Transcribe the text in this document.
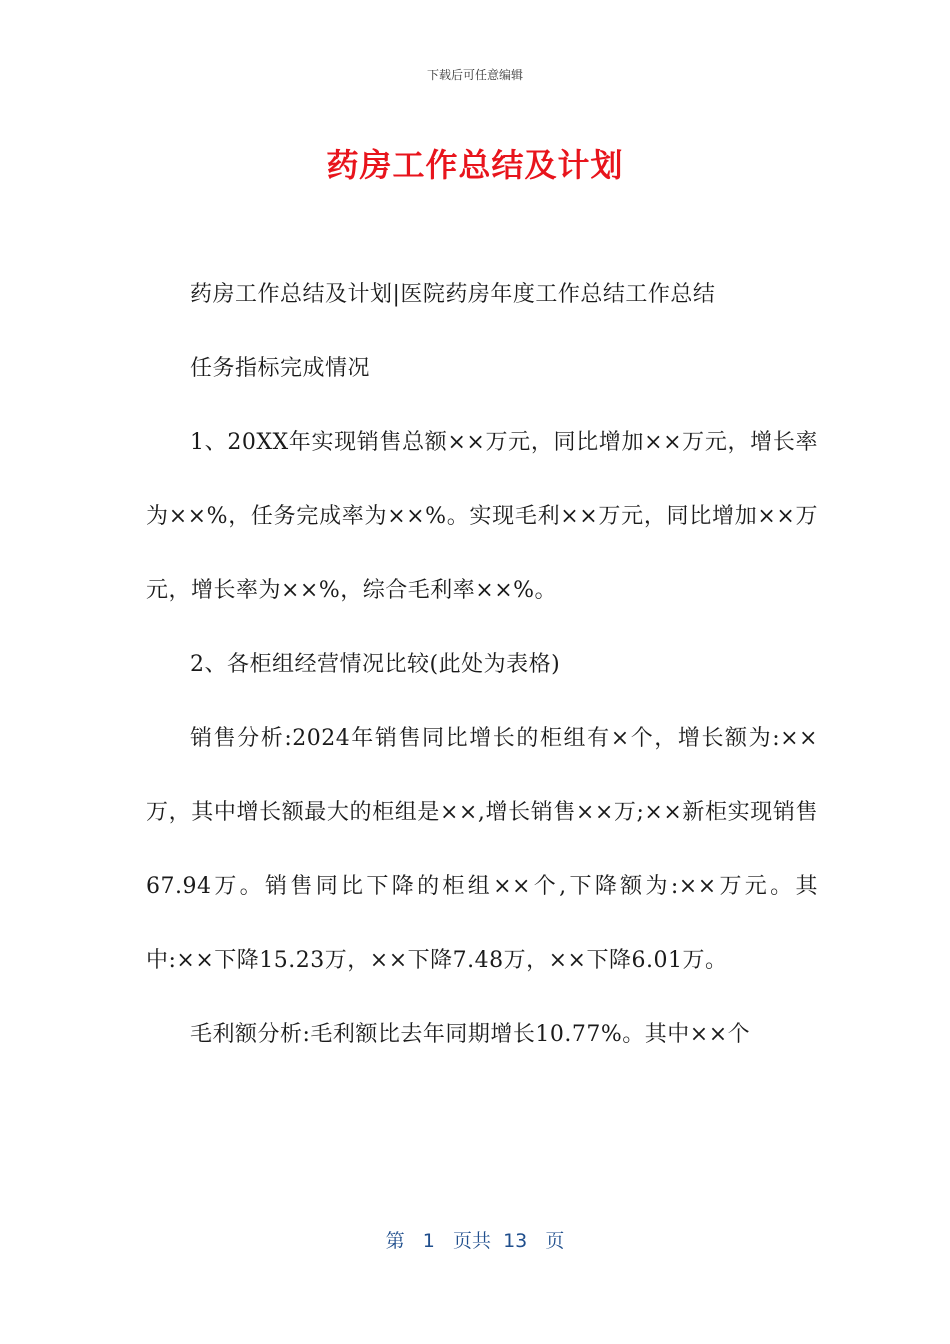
下载后可任意编辑
药房工作总结及计划

药房工作总结及计划|医院药房年度工作总结工作总结

任务指标完成情况

1、20XX年实现销售总额××万元，同比增加××万元，增长率为××%，任务完成率为××%。实现毛利××万元，同比增加××万元，增长率为××%，综合毛利率××%。

2、各柜组经营情况比较(此处为表格)

销售分析:2024年销售同比增长的柜组有×个，增长额为:××万，其中增长额最大的柜组是××,增长销售××万;××新柜实现销售67.94万。销售同比下降的柜组××个,下降额为:××万元。其中:××下降15.23万，××下降7.48万，××下降6.01万。

毛利额分析:毛利额比去年同期增长10.77%。其中××个

第 1 页共 13 页
